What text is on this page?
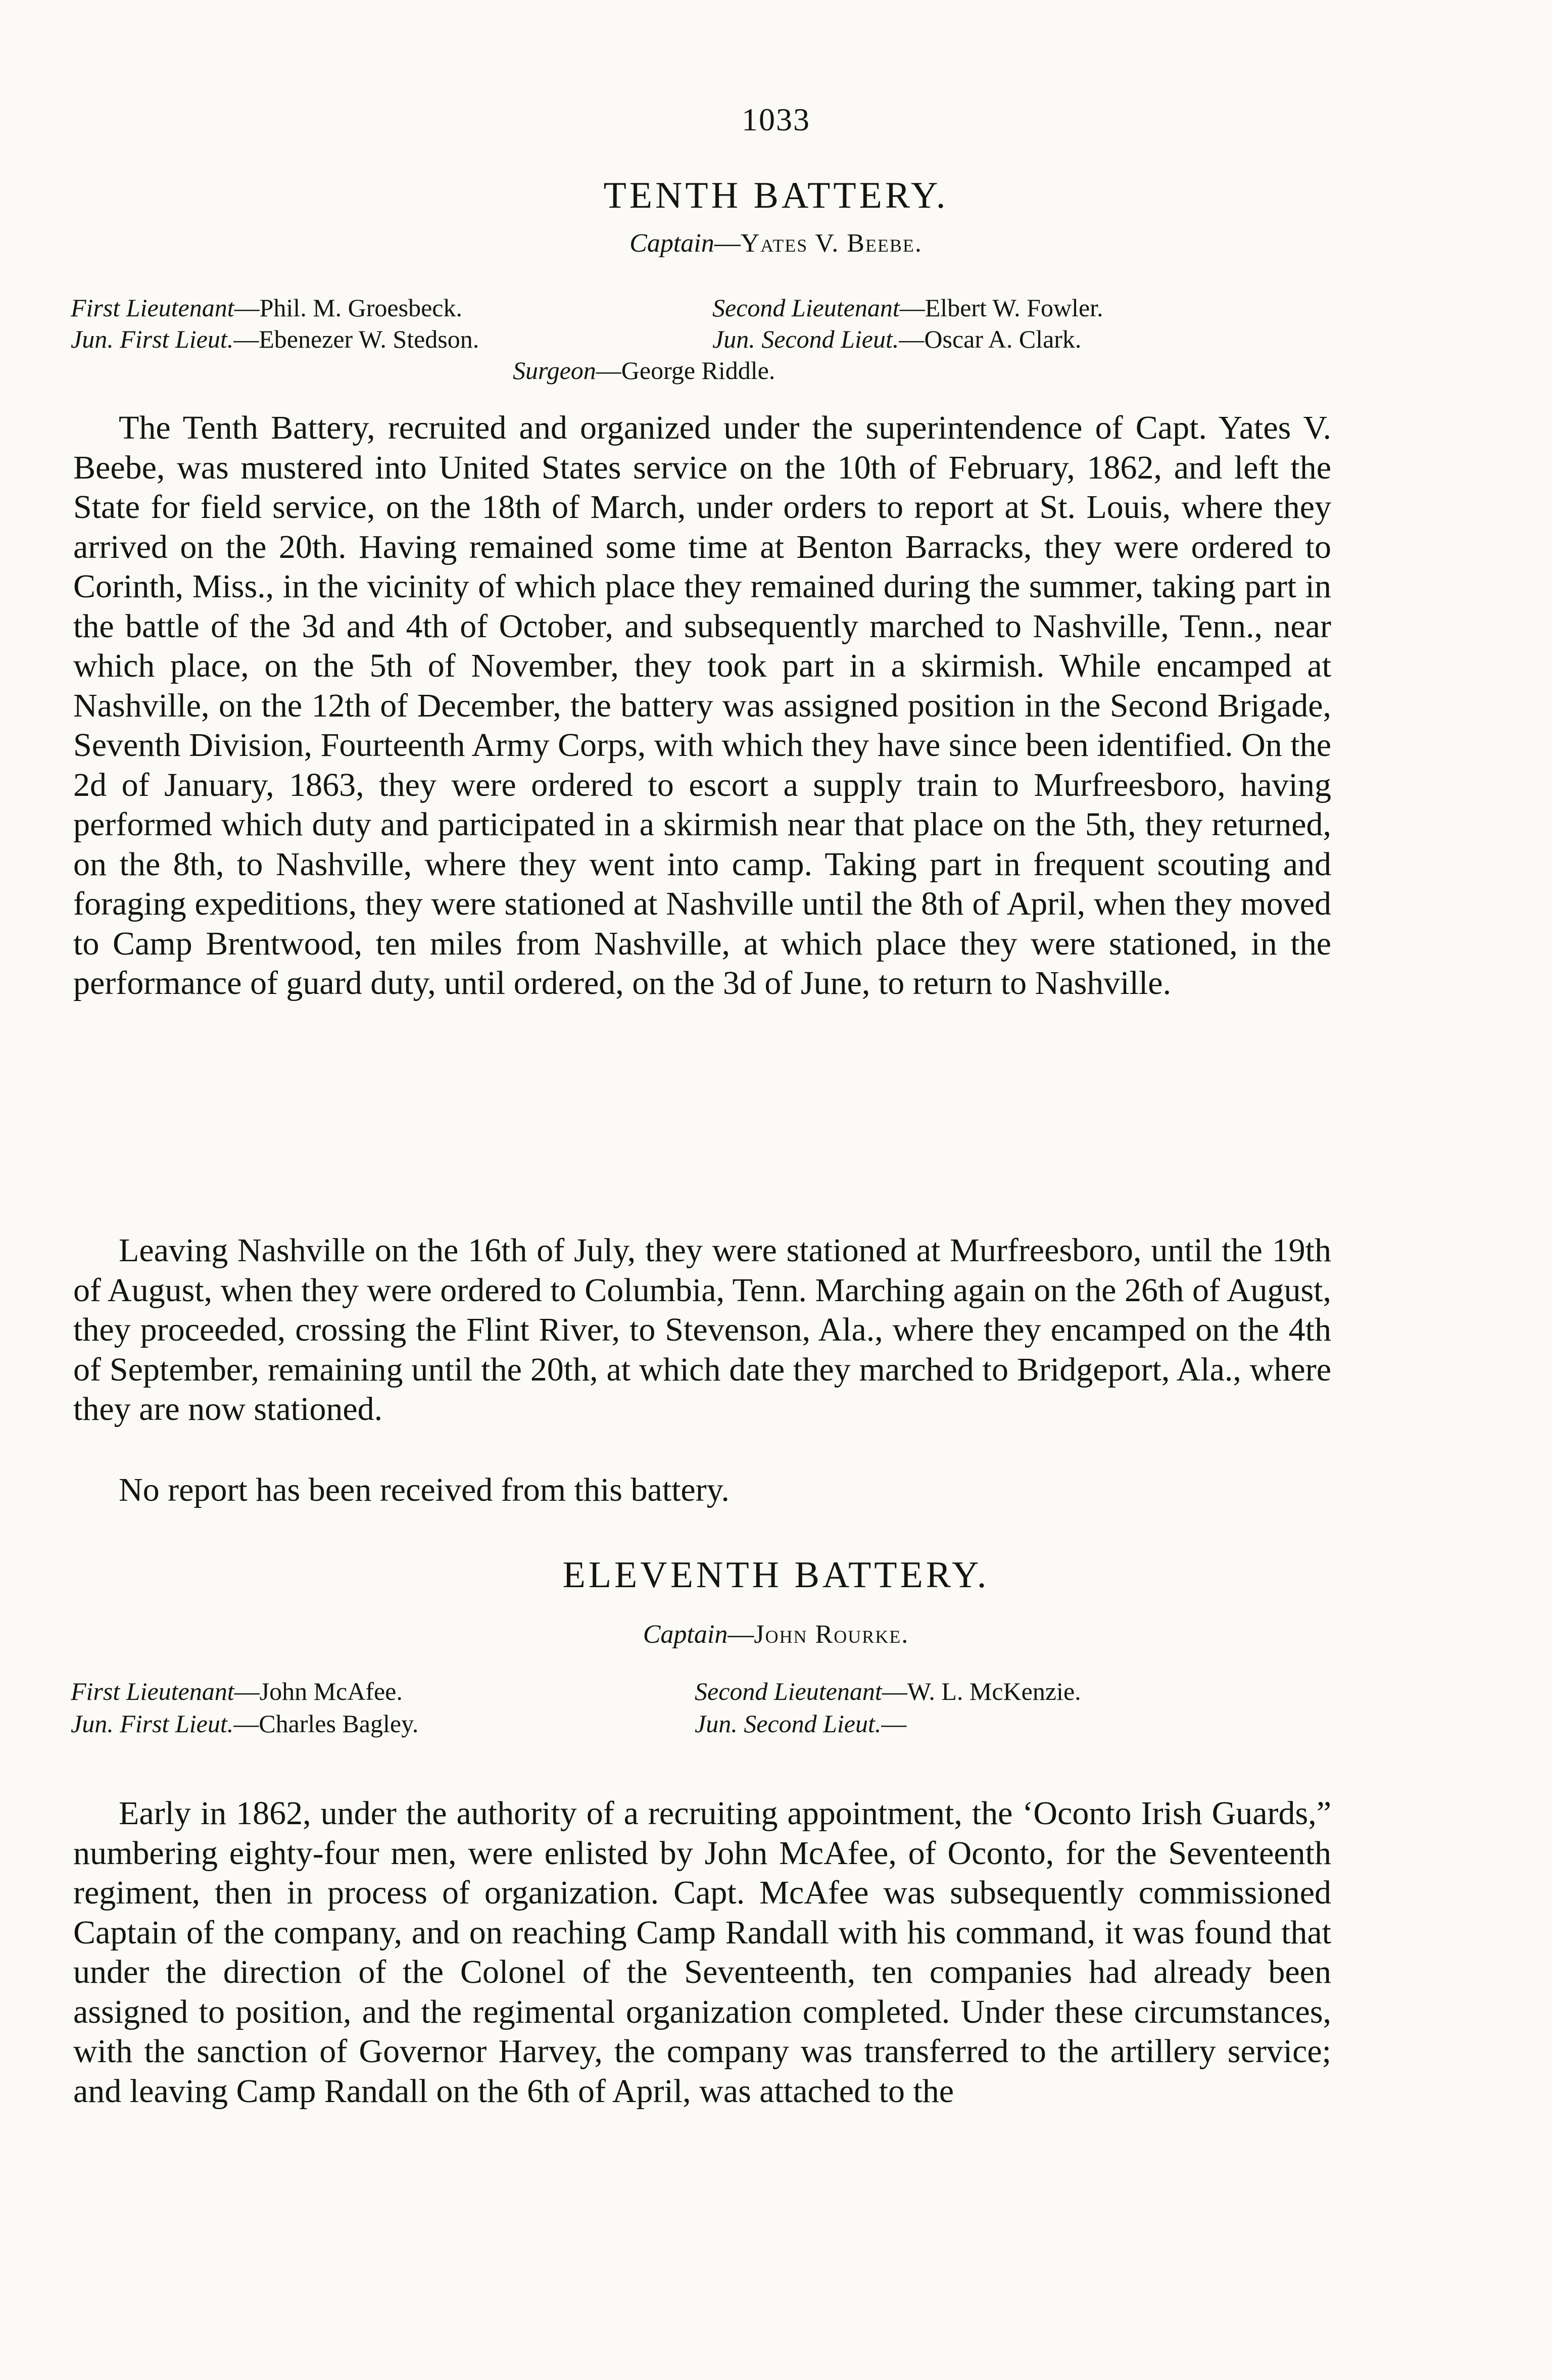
1033
TENTH BATTERY.
Captain—Yates V. Beebe.
First Lieutenant—Phil. M. Groesbeck.	Second Lieutenant—Elbert W. Fowler.
Jun. First Lieut.—Ebenezer W. Stedson.	Jun. Second Lieut.—Oscar A. Clark.
Surgeon—George Riddle.

The Tenth Battery, recruited and organized under the superintendence of Capt. Yates V. Beebe, was mustered into United States service on the 10th of February, 1862, and left the State for field service, on the 18th of March, under orders to report at St. Louis, where they arrived on the 20th. Having remained some time at Benton Barracks, they were ordered to Corinth, Miss., in the vicinity of which place they remained during the summer, taking part in the battle of the 3d and 4th of October, and subsequently marched to Nashville, Tenn., near which place, on the 5th of November, they took part in a skirmish. While encamped at Nashville, on the 12th of December, the battery was assigned position in the Second Brigade, Seventh Division, Fourteenth Army Corps, with which they have since been identified. On the 2d of January, 1863, they were ordered to escort a supply train to Murfreesboro, having performed which duty and participated in a skirmish near that place on the 5th, they returned, on the 8th, to Nashville, where they went into camp. Taking part in frequent scouting and foraging expeditions, they were stationed at Nashville until the 8th of April, when they moved to Camp Brentwood, ten miles from Nashville, at which place they were stationed, in the performance of guard duty, until ordered, on the 3d of June, to return to Nashville.

Leaving Nashville on the 16th of July, they were stationed at Murfreesboro, until the 19th of August, when they were ordered to Columbia, Tenn. Marching again on the 26th of August, they proceeded, crossing the Flint River, to Stevenson, Ala., where they encamped on the 4th of September, remaining until the 20th, at which date they marched to Bridgeport, Ala., where they are now stationed.

No report has been received from this battery.

ELEVENTH BATTERY.
Captain—John Rourke.
First Lieutenant—John McAfee.	Second Lieutenant—W. L. McKenzie.
Jun. First Lieut.—Charles Bagley.	Jun. Second Lieut.—

Early in 1862, under the authority of a recruiting appointment, the ‘Oconto Irish Guards,” numbering eighty-four men, were enlisted by John McAfee, of Oconto, for the Seventeenth regiment, then in process of organization. Capt. McAfee was subsequently commissioned Captain of the company, and on reaching Camp Randall with his command, it was found that under the direction of the Colonel of the Seventeenth, ten companies had already been assigned to position, and the regimental organization completed. Under these circumstances, with the sanction of Governor Harvey, the company was transferred to the artillery service; and leaving Camp Randall on the 6th of April, was attached to the
